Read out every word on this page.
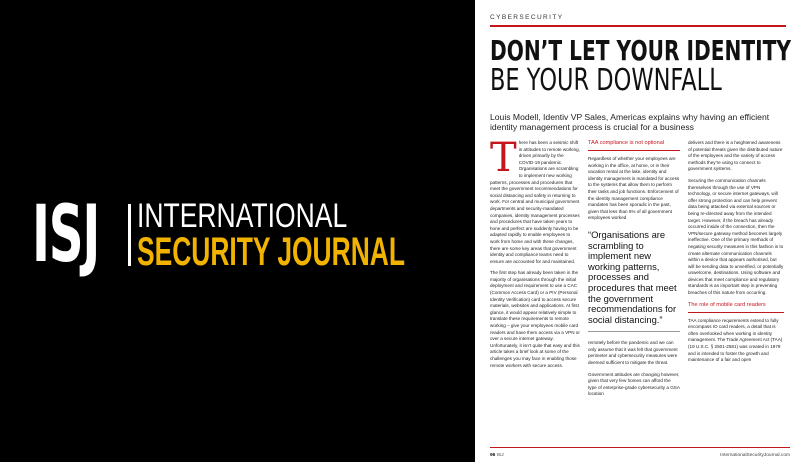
ISJ INTERNATIONAL
SECURITY JOURNAL
CYBERSECURITY
DON’T LET YOUR IDENTITY
BE YOUR DOWNFALL
Louis Modell, Identiv VP Sales, Americas explains why having an efficient identity management process is crucial for a business

There has been a seismic shift in attitudes to remote working, driven primarily by the COVID-19 pandemic. Organisations are scrambling to implement new working patterns, processes and procedures that meet the government recommendations for social distancing and safety in returning to work. For central and municipal government departments and security-mandated companies, identity management processes and procedures that have taken years to hone and perfect are suddenly having to be adapted rapidly to enable employees to work from home and with these changes, there are some key areas that government identity and compliance teams need to ensure are accounted for and maintained.

The first step has already been taken in the majority of organisations through the initial deployment and requirement to use a CAC (Common Access Card) or a PIV (Personal Identity Verification) card to access secure materials, websites and applications. At first glance, it would appear relatively simple to translate these requirements to remote working – give your employees mobile card readers and have them access via a VPN or over a secure internet gateway. Unfortunately, it isn’t quite that easy and this article takes a brief look at some of the challenges you may face in enabling those remote workers with secure access.

TAA compliance is not optional

Regardless of whether your employees are working in the office, at home, or in their vacation rental at the lake, identity and identity management is mandated for access to the systems that allow them to perform their tasks and job functions. Enforcement of the identity management compliance mandates has been sporadic in the past, given that less than 5% of all government employees worked

“Organisations are scrambling to implement new working patterns, processes and procedures that meet the government recommendations for social distancing.”

remotely before the pandemic and we can only assume that it was felt that government perimeter and cybersecurity measures were deemed sufficient to mitigate the threat.

Government attitudes are changing however, given that very few homes can afford the type of enterprise-grade cybersecurity a GSA location

delivers and there is a heightened awareness of potential threats given the distributed nature of the employees and the variety of access methods they’re using to connect to government systems.

Securing the communication channels themselves through the use of VPN technology, or secure internet gateways, will offer strong protection and can help prevent data being attacked via external sources or being re-directed away from the intended target. However, if the breach has already occurred inside of the connection, then the VPN/secure gateway method becomes largely ineffective. One of the primary methods of negating security measures in this fashion is to create alternate communication channels within a device that appears authorised, but will be sending data to unverified, or potentially unwelcome, destinations. Using software and devices that meet compliance and regulatory standards is an important step in preventing breaches of this nature from occurring.

The role of mobile card readers

TAA compliance requirements extend to fully encompass IO card readers, a detail that is often overlooked when working in identity management. The Trade Agreement Act (TAA) (19 U.S.C. § 2501-2581) was created in 1979 and is intended to foster the growth and maintenance of a fair and open

96 ISJ	InternationalSecurityJournal.com
